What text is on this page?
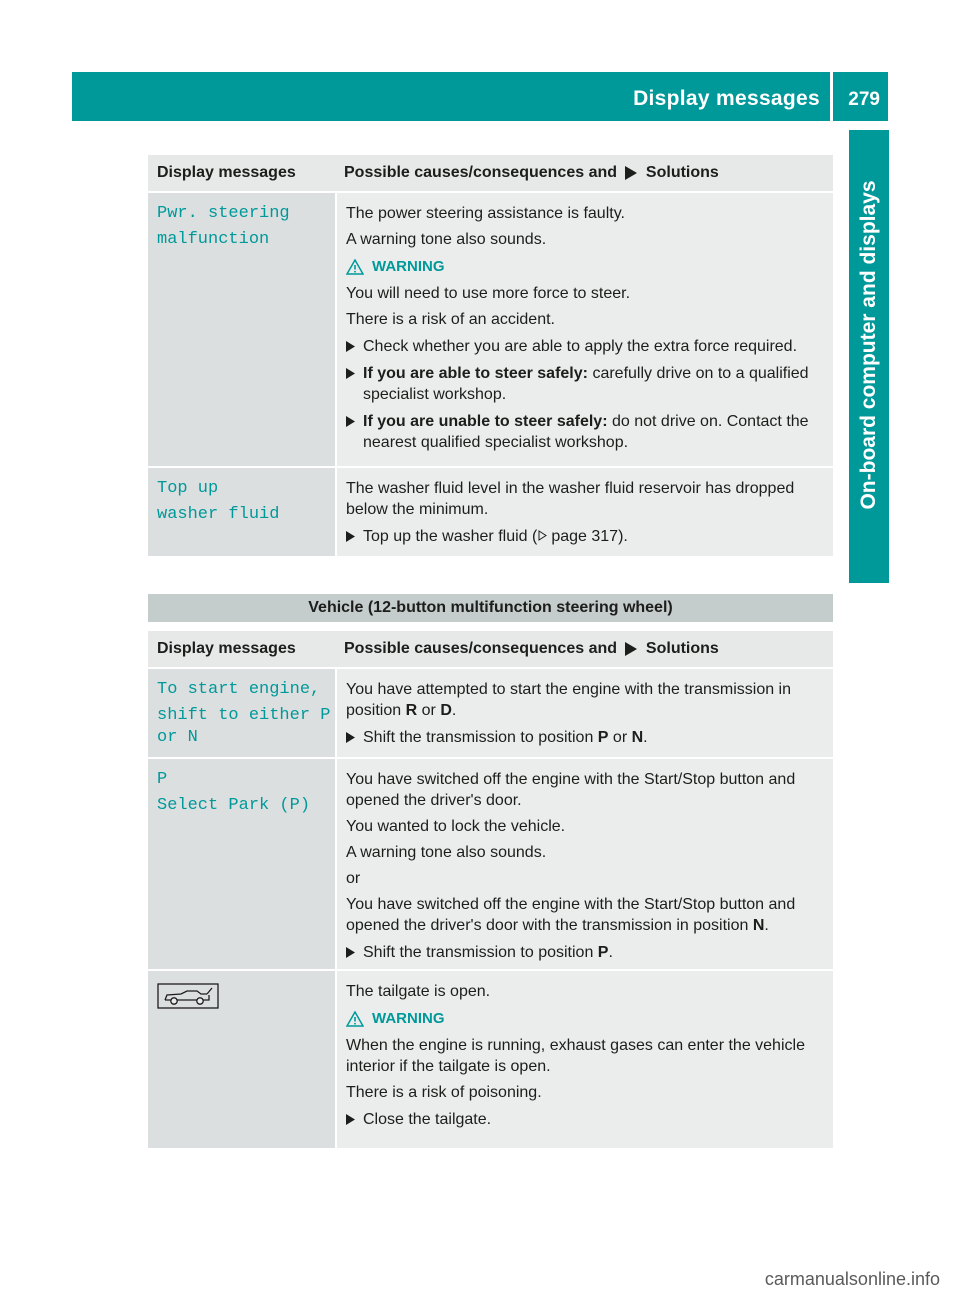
Display messages 279
On-board computer and displays
Display messages	Possible causes/consequences and Solutions
Pwr. steering
malfunction

The power steering assistance is faulty.

A warning tone also sounds.

WARNING

You will need to use more force to steer.

There is a risk of an accident.

Check whether you are able to apply the extra force required.
If you are able to steer safely: carefully drive on to a qualified specialist workshop.
If you are unable to steer safely: do not drive on. Contact the nearest qualified specialist workshop.
Top up
washer fluid

The washer fluid level in the washer fluid reservoir has dropped below the minimum.

Top up the washer fluid ( page 317).
Vehicle (12-button multifunction steering wheel)
Display messages	Possible causes/consequences and Solutions
To start engine,
shift to either P
or N

You have attempted to start the engine with the transmission in position R or D.

Shift the transmission to position P or N.
P
Select Park (P)

You have switched off the engine with the Start/Stop button and opened the driver's door.

You wanted to lock the vehicle.

A warning tone also sounds.

or

You have switched off the engine with the Start/Stop button and opened the driver's door with the transmission in position N.

Shift the transmission to position P.

The tailgate is open.

WARNING

When the engine is running, exhaust gases can enter the vehicle interior if the tailgate is open.

There is a risk of poisoning.

Close the tailgate.
carmanualsonline.info
